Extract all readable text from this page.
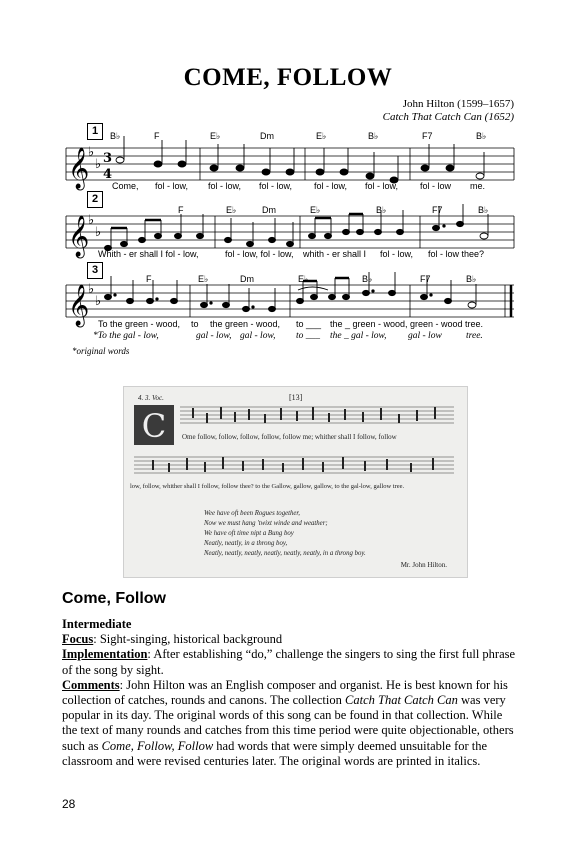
COME, FOLLOW
John Hilton (1599–1657)
Catch That Catch Can (1652)
𝄞
𝄞
𝄞
♭
♭
♭
♭
♭
♭
3
4
1	B♭	F	E♭	Dm	E♭	B♭	F7	B♭
Come, fol - low, fol - low, fol - low, fol - low, fol - low, fol - low me.
2
F	E♭	Dm	E♭	B♭	F7	B♭
Whith - er shall I fol - low,	fol - low, fol - low, whith - er shall I fol - low, fol - low thee?
3
F	E♭	Dm	E♭	B♭	F7	B♭
To the green - wood, to the green - wood, to ___ the _ green - wood, green - wood tree.
*To the gal - low,	gal - low, gal - low, to ___ the _ gal - low, gal - low	tree.
*original words
4. 3. Voc.	[13]
C Ome follow, follow, follow, follow, follow me; whither shall I follow, follow
low, follow, whither shall I follow, follow thee? to the Gallow, gallow, gallow, to the gal-low, gallow tree.
Wee have oft been Rogues together,
Now we must hang 'twixt winde and weather;
We have oft time nipt a Bung boy
Neatly, neatly, in a throng boy,
Neatly, neatly, neatly, neatly, neatly, neatly, in a throng boy.
Mr. John Hilton.
Come, Follow
Intermediate
Focus: Sight-singing, historical background
Implementation: After establishing “do,” challenge the singers to sing the first full phrase of the song by sight.
Comments: John Hilton was an English composer and organist. He is best known for his collection of catches, rounds and canons. The collection Catch That Catch Can was very popular in its day. The original words of this song can be found in that collection. While the text of many rounds and catches from this time period were quite objectionable, others such as Come, Follow, Follow had words that were simply deemed unsuitable for the classroom and were revised centuries later. The original words are printed in italics.
28
